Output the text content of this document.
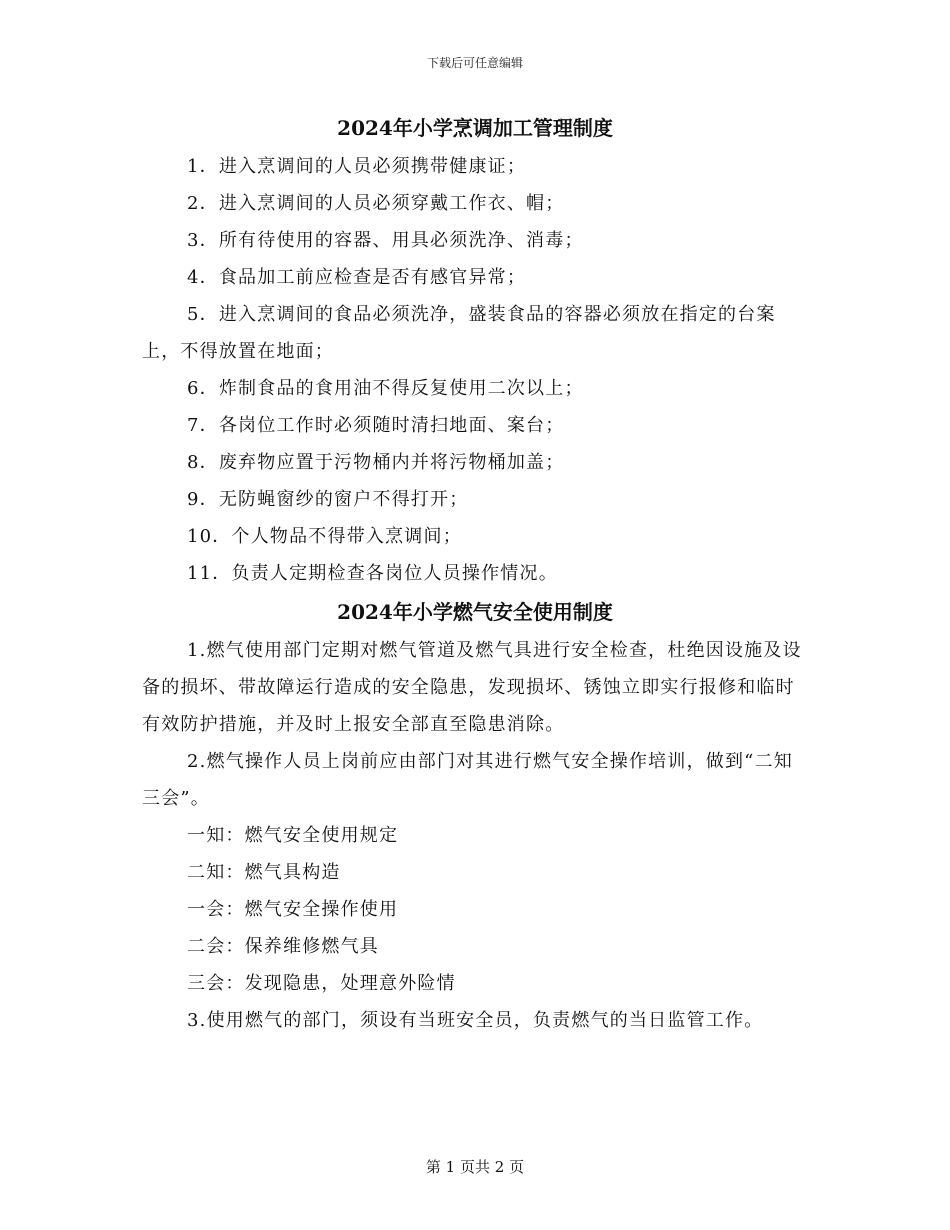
下载后可任意编辑
2024年小学烹调加工管理制度

1．进入烹调间的人员必须携带健康证；

2．进入烹调间的人员必须穿戴工作衣、帽；

3．所有待使用的容器、用具必须洗净、消毒；

4．食品加工前应检查是否有感官异常；

5．进入烹调间的食品必须洗净，盛装食品的容器必须放在指定的台案上，不得放置在地面；

6．炸制食品的食用油不得反复使用二次以上；

7．各岗位工作时必须随时清扫地面、案台；

8．废弃物应置于污物桶内并将污物桶加盖；

9．无防蝇窗纱的窗户不得打开；

10．个人物品不得带入烹调间；

11．负责人定期检查各岗位人员操作情况。

2024年小学燃气安全使用制度

1.燃气使用部门定期对燃气管道及燃气具进行安全检查，杜绝因设施及设备的损坏、带故障运行造成的安全隐患，发现损坏、锈蚀立即实行报修和临时有效防护措施，并及时上报安全部直至隐患消除。

2.燃气操作人员上岗前应由部门对其进行燃气安全操作培训，做到“二知三会”。

一知：燃气安全使用规定

二知：燃气具构造

一会：燃气安全操作使用

二会：保养维修燃气具

三会：发现隐患，处理意外险情

3.使用燃气的部门，须设有当班安全员，负责燃气的当日监管工作。

第 1 页共 2 页
